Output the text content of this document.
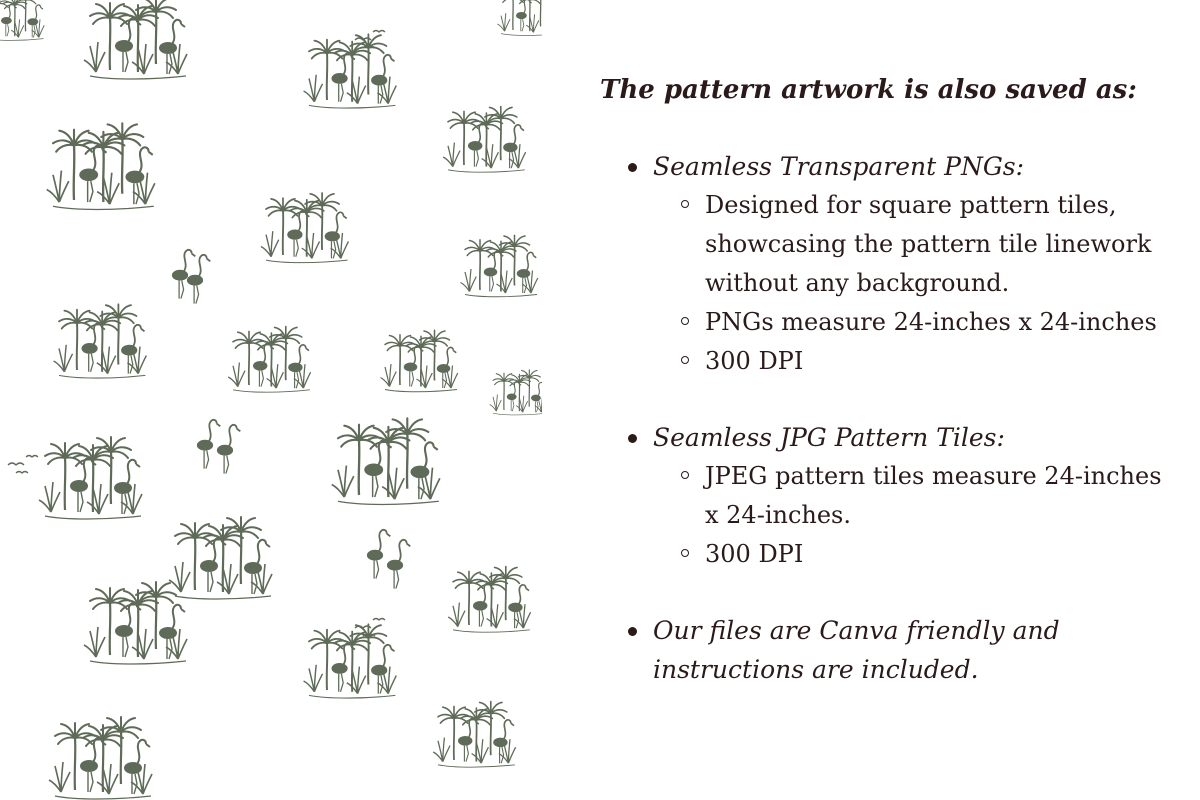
The pattern artwork is also saved as:
Seamless Transparent PNGs:
Designed for square pattern tiles, showcasing the pattern tile linework without any background.
PNGs measure 24-inches x 24-inches
300 DPI
Seamless JPG Pattern Tiles:
JPEG pattern tiles measure 24-inches x 24-inches.
300 DPI
Our files are Canva friendly and instructions are included.
